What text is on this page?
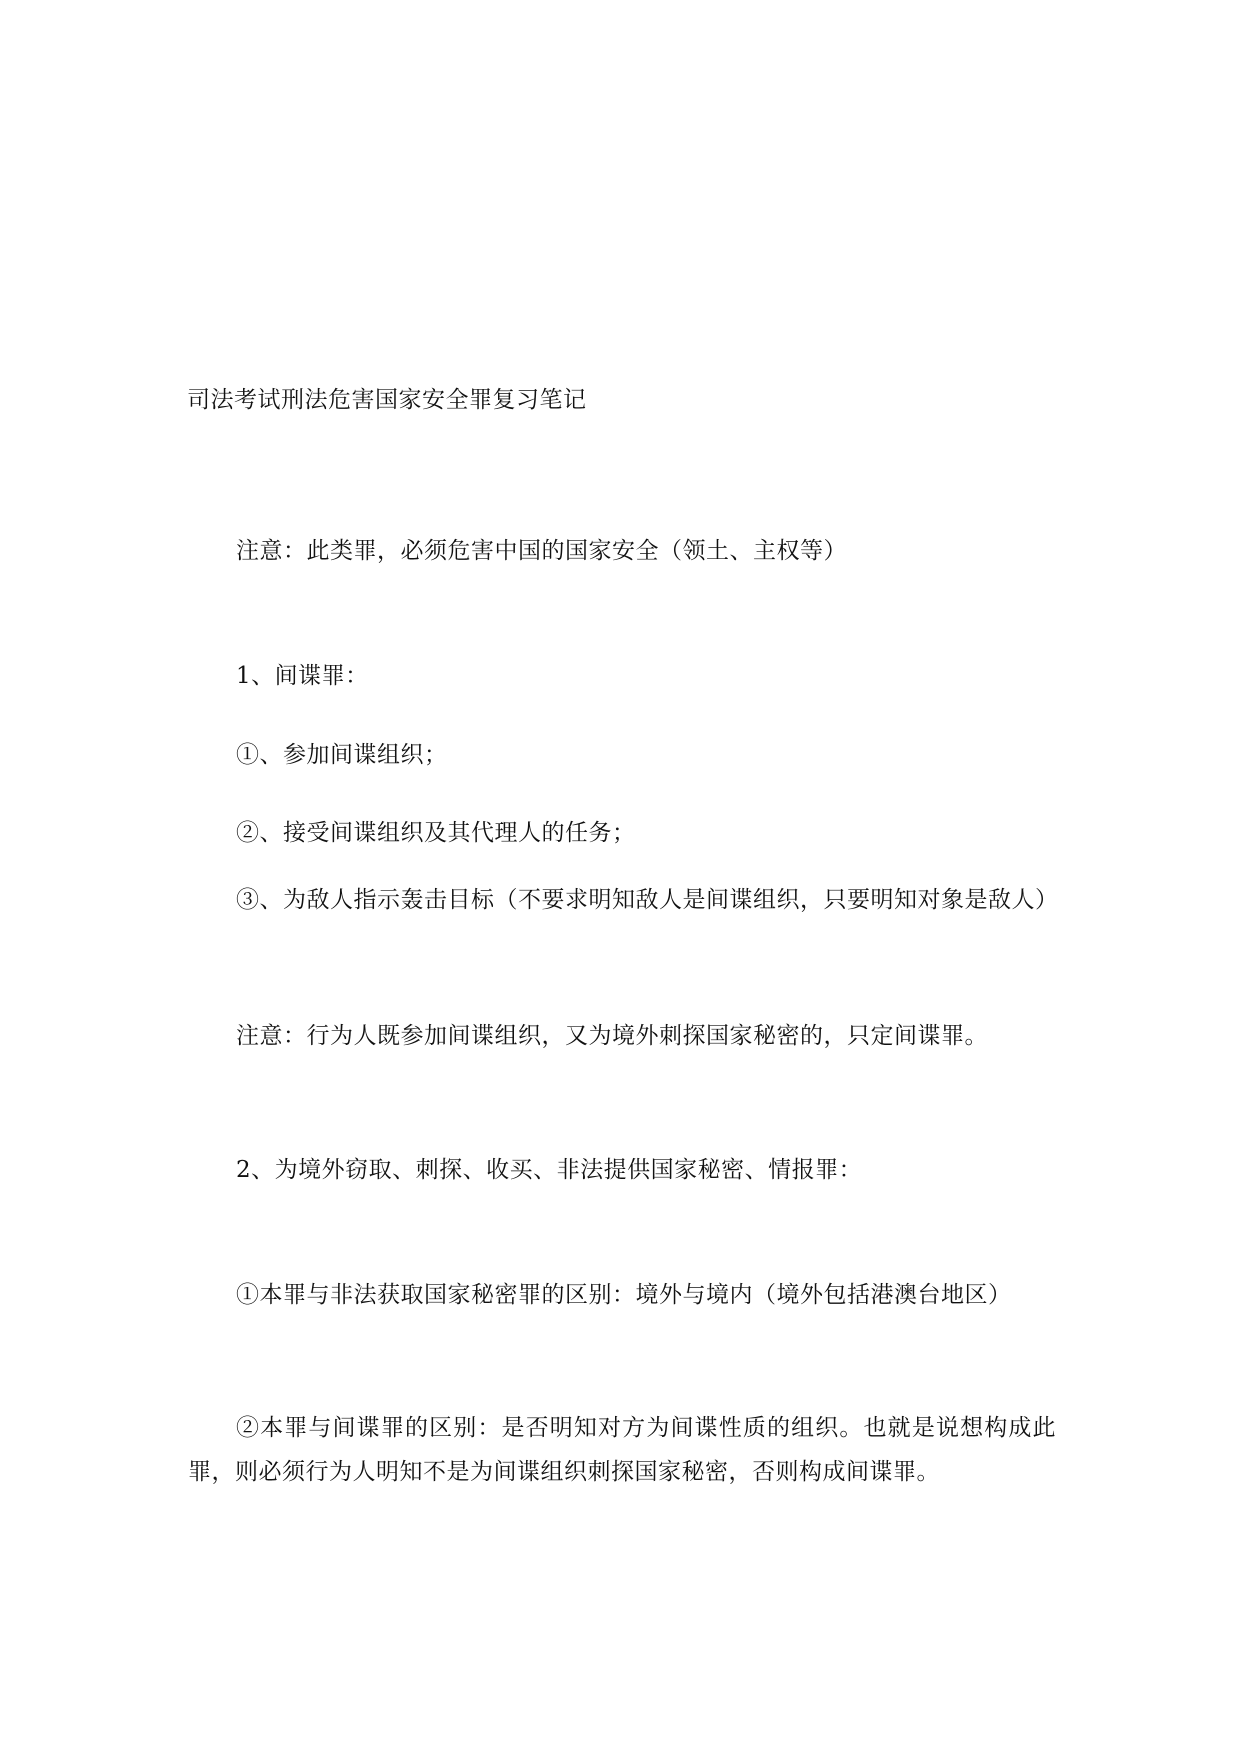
司法考试刑法危害国家安全罪复习笔记
注意：此类罪，必须危害中国的国家安全（领土、主权等）
1、间谍罪：
①、参加间谍组织；
②、接受间谍组织及其代理人的任务；
③、为敌人指示轰击目标（不要求明知敌人是间谍组织，只要明知对象是敌人）
注意：行为人既参加间谍组织，又为境外刺探国家秘密的，只定间谍罪。
2、为境外窃取、刺探、收买、非法提供国家秘密、情报罪：
①本罪与非法获取国家秘密罪的区别：境外与境内（境外包括港澳台地区）
②本罪与间谍罪的区别：是否明知对方为间谍性质的组织。也就是说想构成此罪，则必须行为人明知不是为间谍组织刺探国家秘密，否则构成间谍罪。
